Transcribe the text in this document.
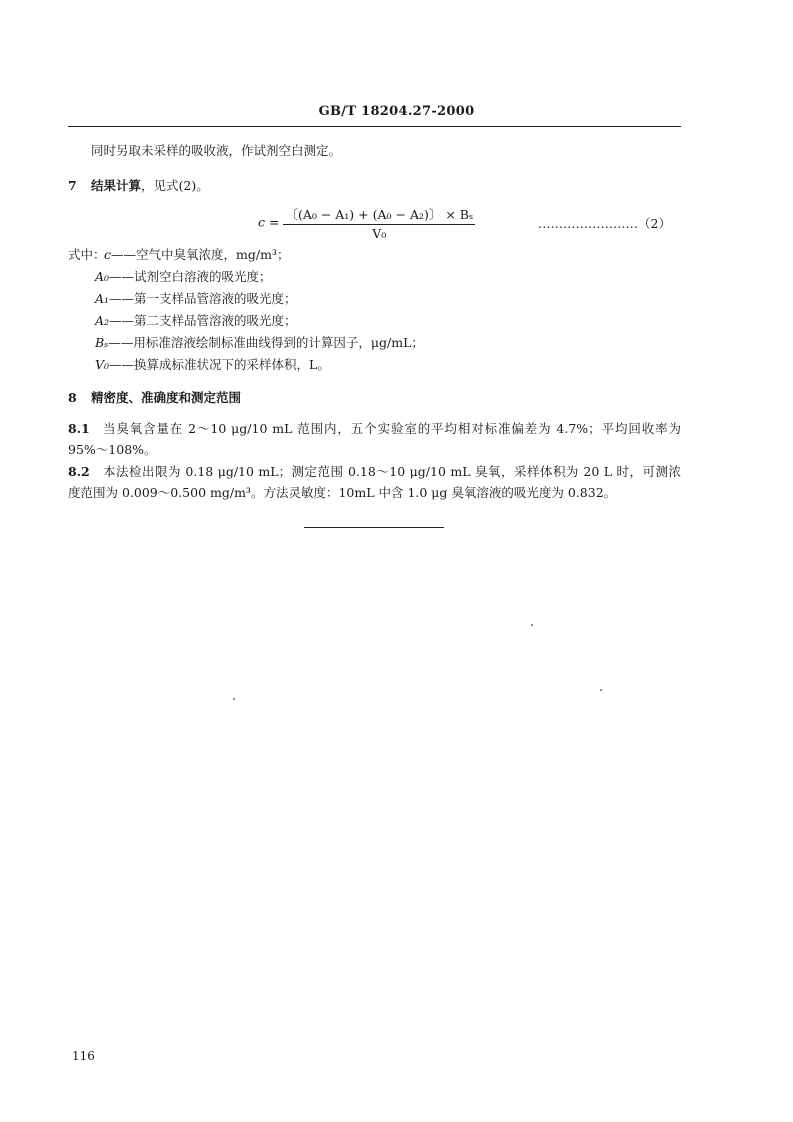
GB/T 18204.27-2000
同时另取未采样的吸收液，作试剂空白测定。
7 结果计算，见式(2)。
$c = \frac{\text{〔(A₀ − A₁) + (A₀ − A₂)〕 × Bₛ}}{\text{V₀}}$	……………………（2）
式中：
c——空气中臭氧浓度，mg/m³；
A₀——试剂空白溶液的吸光度；
A₁——第一支样品管溶液的吸光度；
A₂——第二支样品管溶液的吸光度；
Bₛ——用标准溶液绘制标准曲线得到的计算因子，μg/mL；
V₀——换算成标准状况下的采样体积，L。
8 精密度、准确度和测定范围
8.1 当臭氧含量在 2～10 μg/10 mL 范围内，五个实验室的平均相对标准偏差为 4.7%；平均回收率为
95%～108%。
8.2 本法检出限为 0.18 μg/10 mL；测定范围 0.18～10 μg/10 mL 臭氧，采样体积为 20 L 时，可测浓
度范围为 0.009～0.500 mg/m³。方法灵敏度：10mL 中含 1.0 μg 臭氧溶液的吸光度为 0.832。
116
